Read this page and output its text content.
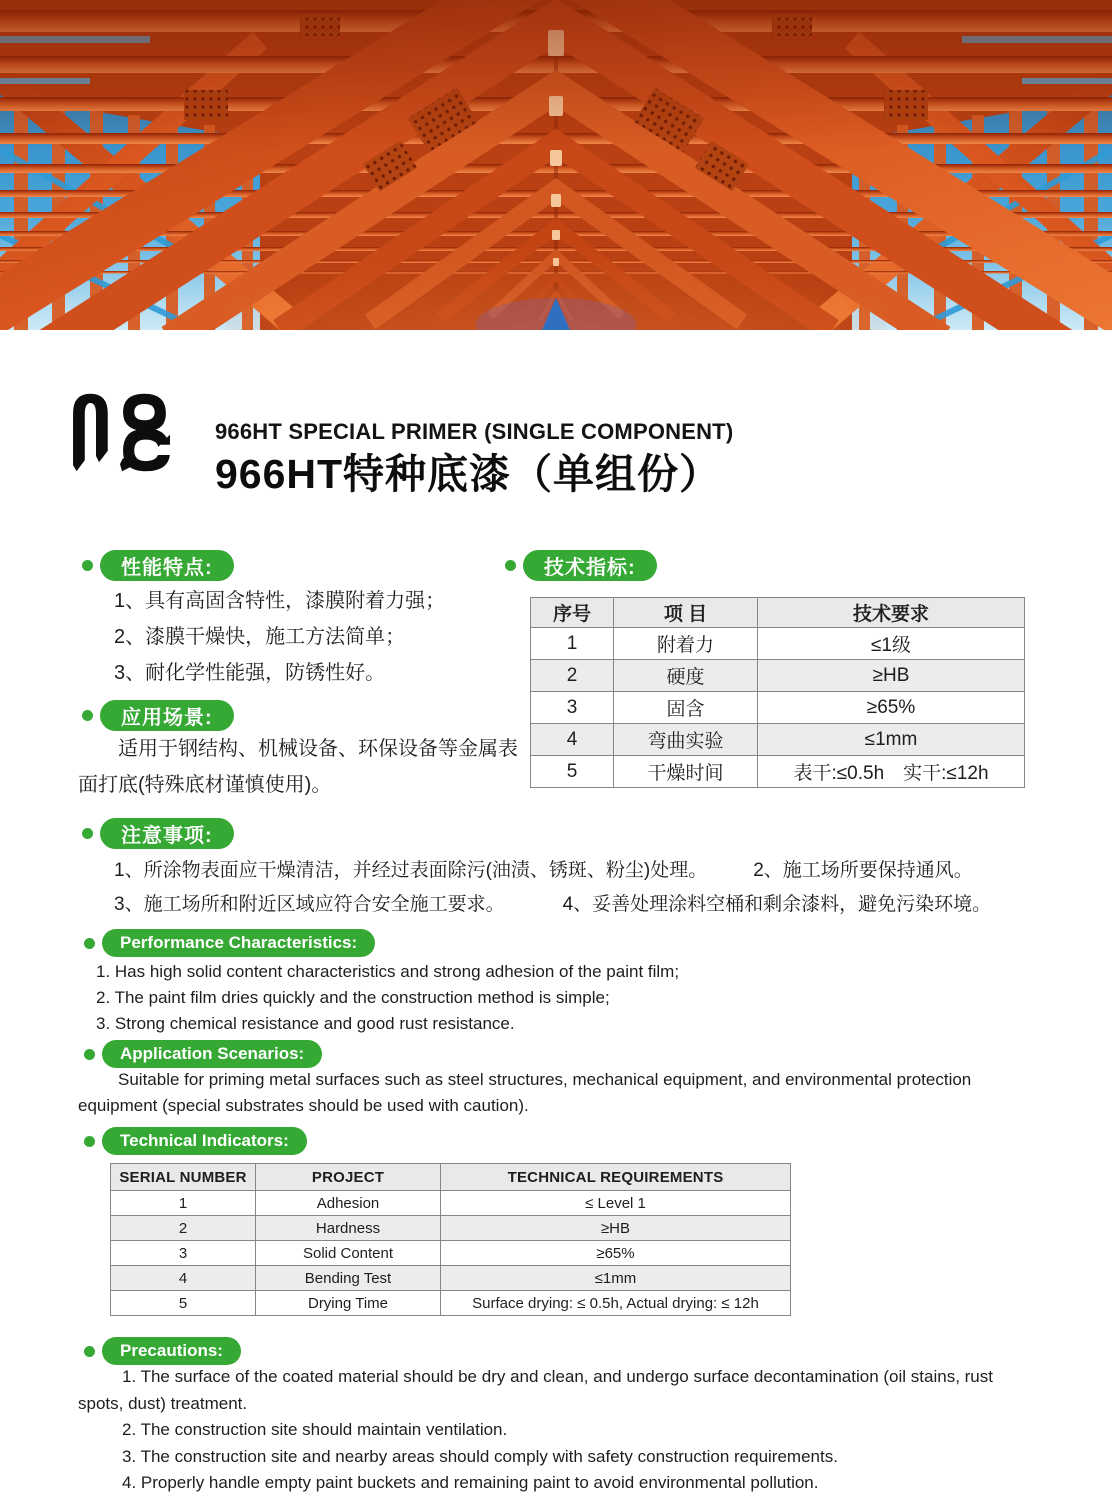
966HT SPECIAL PRIMER (SINGLE COMPONENT)
966HT特种底漆（单组份）
性能特点:
1、具有高固含特性，漆膜附着力强；
2、漆膜干燥快，施工方法简单；
3、耐化学性能强，防锈性好。
技术指标:
序号	项 目	技术要求
1	附着力	≤1级
2	硬度	≥HB
3	固含	≥65%
4	弯曲实验	≤1mm
5	干燥时间	表干:≤0.5h　实干:≤12h
应用场景:
适用于钢结构、机械设备、环保设备等金属表面打底(特殊底材谨慎使用)。
注意事项:
1、所涂物表面应干燥清洁，并经过表面除污(油渍、锈斑、粉尘)处理。 2、施工场所要保持通风。
3、施工场所和附近区域应符合安全施工要求。	4、妥善处理涂料空桶和剩余漆料，避免污染环境。
Performance Characteristics:
1. Has high solid content characteristics and strong adhesion of the paint film;
2. The paint film dries quickly and the construction method is simple;
3. Strong chemical resistance and good rust resistance.
Application Scenarios:
Suitable for priming metal surfaces such as steel structures, mechanical equipment, and environmental protection equipment (special substrates should be used with caution).
Technical Indicators:
SERIAL NUMBER	PROJECT	TECHNICAL REQUIREMENTS
1	Adhesion	≤ Level 1
2	Hardness	≥HB
3	Solid Content	≥65%
4	Bending Test	≤1mm
5	Drying Time	Surface drying: ≤ 0.5h, Actual drying: ≤ 12h
Precautions:

1. The surface of the coated material should be dry and clean, and undergo surface decontamination (oil stains, rust spots, dust) treatment.

2. The construction site should maintain ventilation.

3. The construction site and nearby areas should comply with safety construction requirements.

4. Properly handle empty paint buckets and remaining paint to avoid environmental pollution.
